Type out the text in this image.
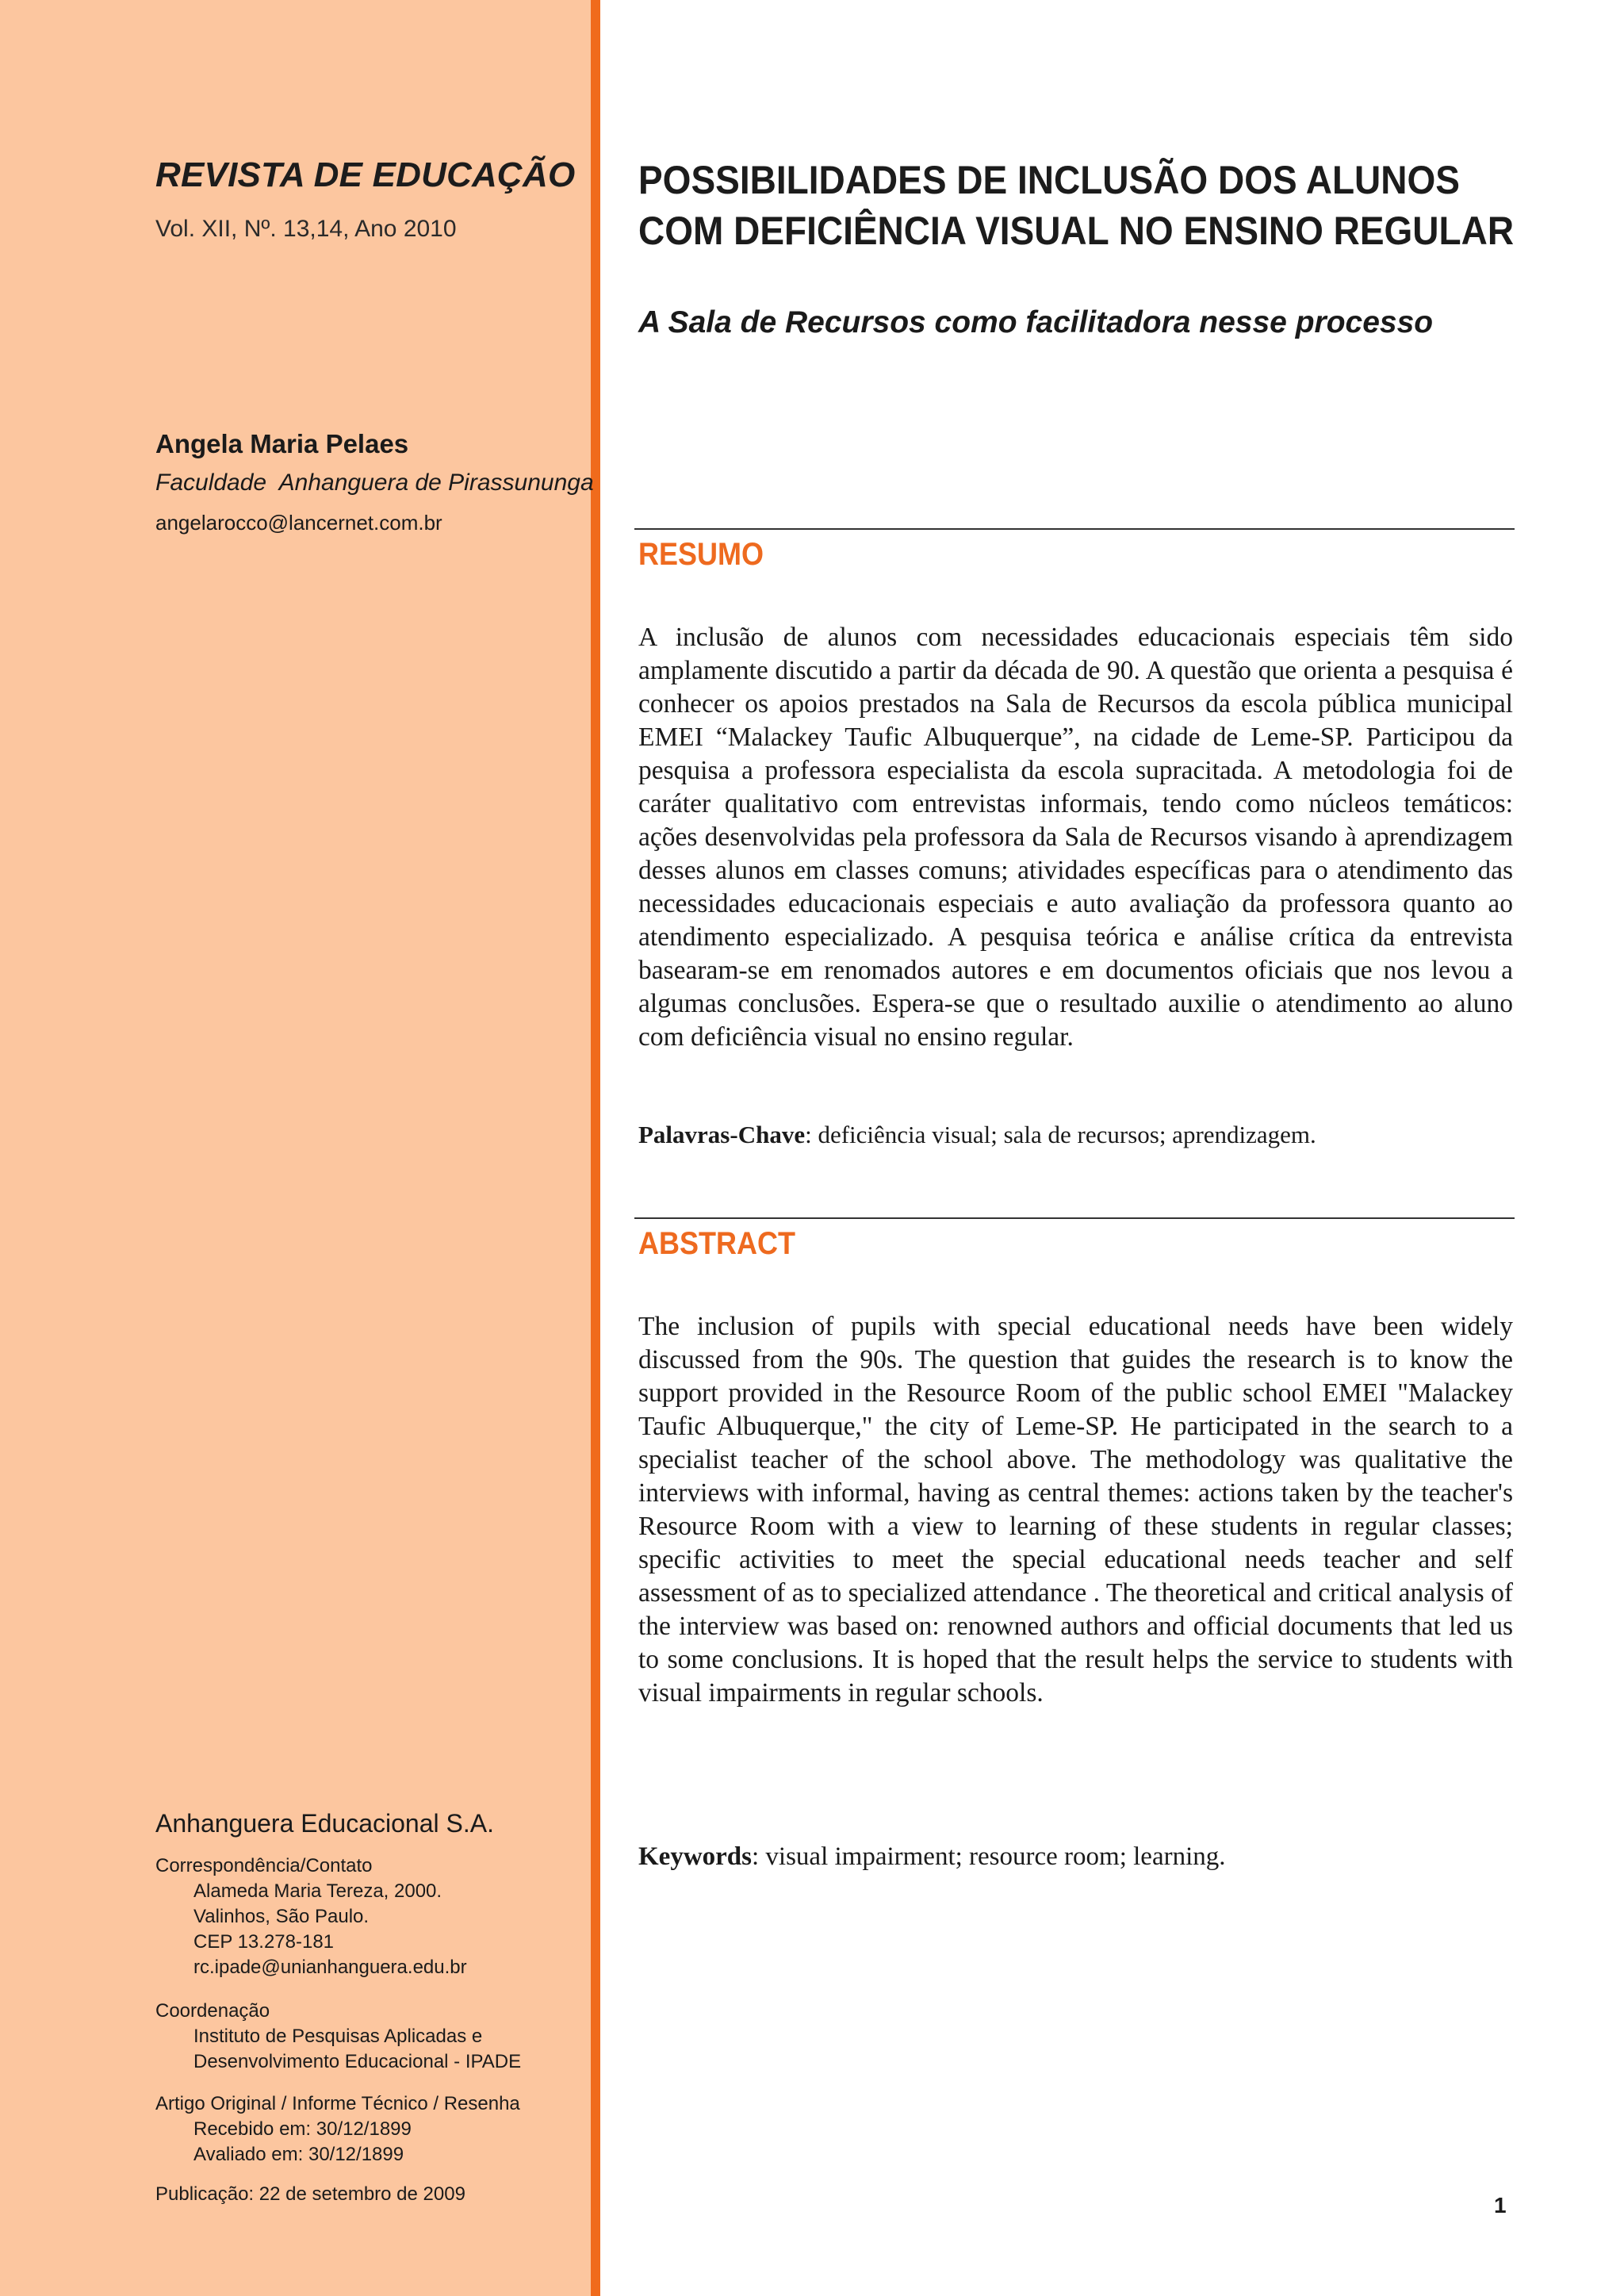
REVISTA DE EDUCAÇÃO
Vol. XII, Nº. 13,14, Ano 2010
Angela Maria Pelaes
Faculdade  Anhanguera de Pirassununga
angelarocco@lancernet.com.br
Anhanguera Educacional S.A.
Correspondência/Contato
Alameda Maria Tereza, 2000.
Valinhos, São Paulo.
CEP 13.278-181
rc.ipade@unianhanguera.edu.br
Coordenação
Instituto de Pesquisas Aplicadas e
Desenvolvimento Educacional - IPADE
Artigo Original / Informe Técnico / Resenha
Recebido em: 30/12/1899
Avaliado em: 30/12/1899
Publicação: 22 de setembro de 2009
POSSIBILIDADES DE INCLUSÃO DOS ALUNOS
COM DEFICIÊNCIA VISUAL NO ENSINO REGULAR
A Sala de Recursos como facilitadora nesse processo
RESUMO

A inclusão de alunos com necessidades educacionais especiais têm sido amplamente discutido a partir da década de 90. A questão que orienta a pesquisa é conhecer os apoios prestados na Sala de Recursos da escola pública municipal EMEI “Malackey Taufic Albuquerque”, na cidade de Leme-SP. Participou da pesquisa a professora especialista da escola supracitada. A metodologia foi de caráter qualitativo com entrevistas informais, tendo como núcleos temáticos: ações desenvolvidas pela professora da Sala de Recursos visando à aprendizagem desses alunos em classes comuns; atividades específicas para o atendimento das necessidades educacionais especiais e auto avaliação da professora quanto ao atendimento especializado. A pesquisa teórica e análise crítica da entrevista basearam-se em renomados autores e em documentos oficiais que nos levou a algumas conclusões. Espera-se que o resultado auxilie o atendimento ao aluno com deficiência visual no ensino regular.

Palavras-Chave: deficiência visual; sala de recursos; aprendizagem.
ABSTRACT

The inclusion of pupils with special educational needs have been widely discussed from the 90s. The question that guides the research is to know the support provided in the Resource Room of the public school EMEI "Malackey Taufic Albuquerque," the city of Leme-SP. He participated in the search to a specialist teacher of the school above. The methodology was qualitative the interviews with informal, having as central themes: actions taken by the teacher's Resource Room with a view to learning of these students in regular classes; specific activities to meet the special educational needs teacher and self assessment of as to specialized attendance . The theoretical and critical analysis of the interview was based on: renowned authors and official documents that led us to some conclusions. It is hoped that the result helps the service to students with visual impairments in regular schools.

Keywords: visual impairment; resource room; learning.
1
